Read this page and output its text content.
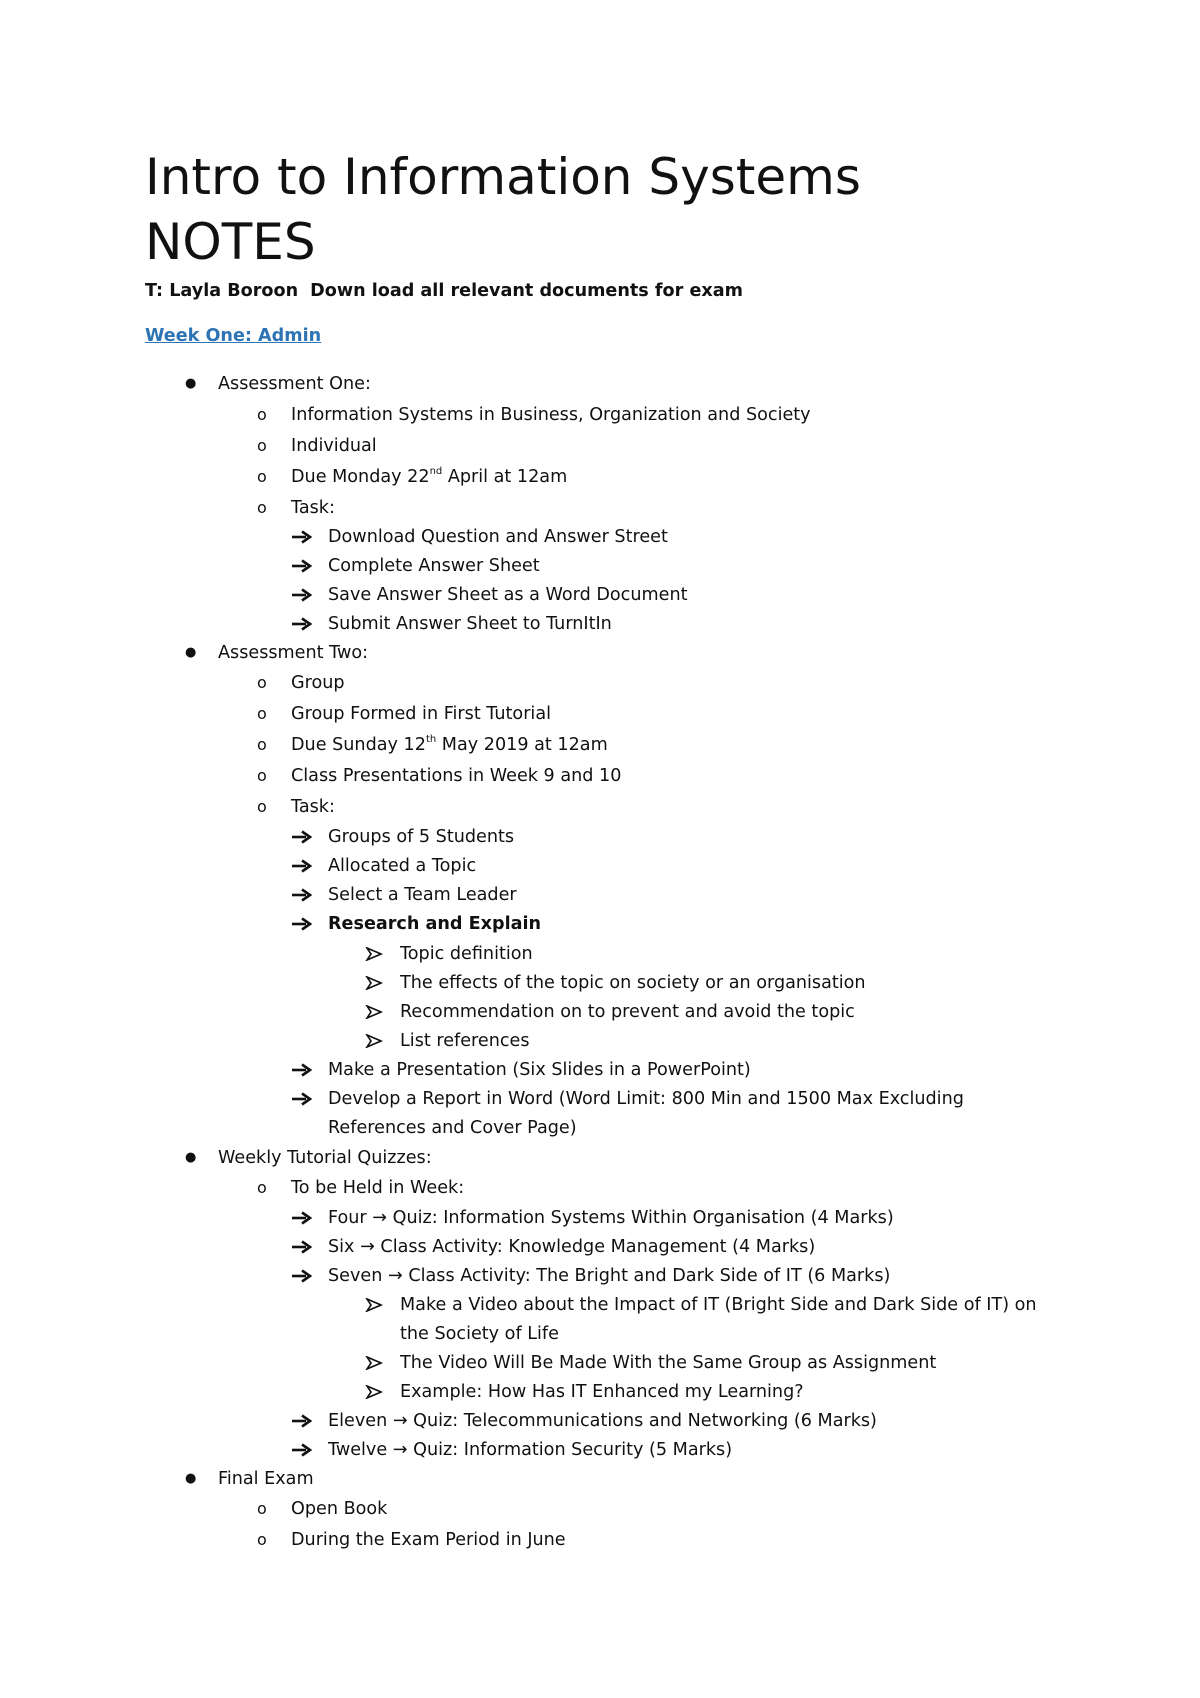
Intro to Information Systems
NOTES
T: Layla Boroon Down load all relevant documents for exam
Week One: Admin
● Assessment One:
o Information Systems in Business, Organization and Society
o Individual
o Due Monday 22nd April at 12am
o Task:
Download Question and Answer Street
Complete Answer Sheet
Save Answer Sheet as a Word Document
Submit Answer Sheet to TurnItIn
● Assessment Two:
o Group
o Group Formed in First Tutorial
o Due Sunday 12th May 2019 at 12am
o Class Presentations in Week 9 and 10
o Task:
Groups of 5 Students
Allocated a Topic
Select a Team Leader
Research and Explain
Topic definition
The effects of the topic on society or an organisation
Recommendation on to prevent and avoid the topic
List references
Make a Presentation (Six Slides in a PowerPoint)
Develop a Report in Word (Word Limit: 800 Min and 1500 Max Excluding
References and Cover Page)
● Weekly Tutorial Quizzes:
o To be Held in Week:
Four → Quiz: Information Systems Within Organisation (4 Marks)
Six → Class Activity: Knowledge Management (4 Marks)
Seven → Class Activity: The Bright and Dark Side of IT (6 Marks)
Make a Video about the Impact of IT (Bright Side and Dark Side of IT) on
the Society of Life
The Video Will Be Made With the Same Group as Assignment
Example: How Has IT Enhanced my Learning?
Eleven → Quiz: Telecommunications and Networking (6 Marks)
Twelve → Quiz: Information Security (5 Marks)
● Final Exam
o Open Book
o During the Exam Period in June
